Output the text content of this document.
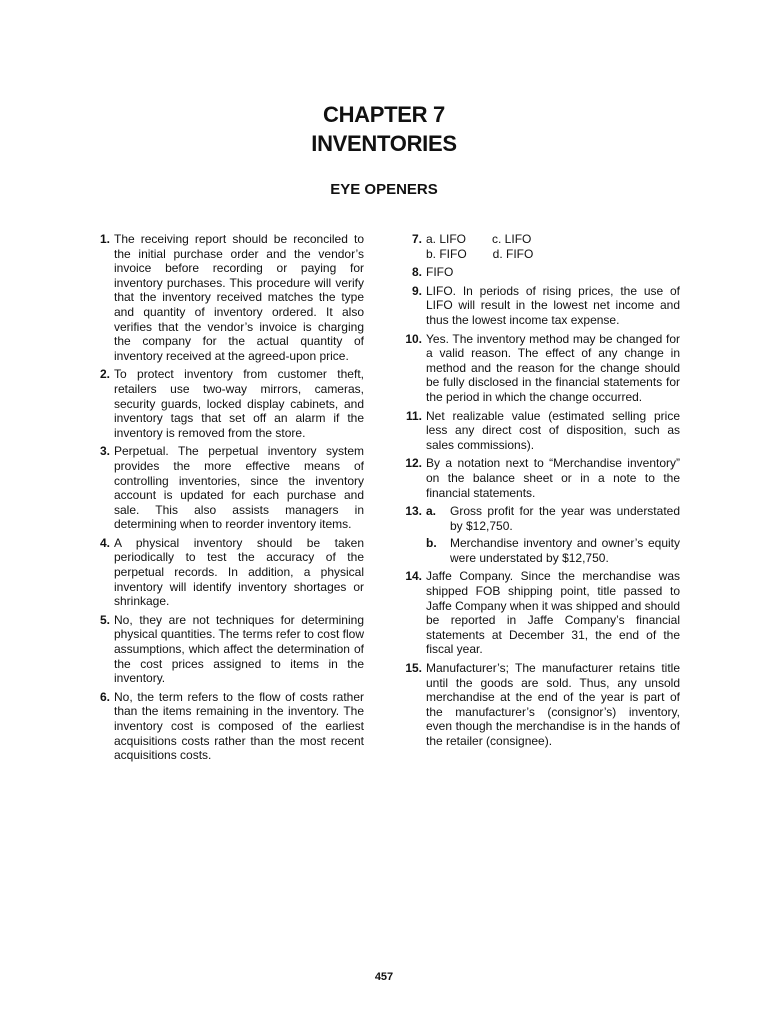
CHAPTER 7
INVENTORIES
EYE OPENERS
1. The receiving report should be reconciled to the initial purchase order and the vendor’s invoice before recording or paying for inventory purchases. This procedure will verify that the inventory received matches the type and quantity of inventory ordered. It also verifies that the vendor’s invoice is charging the company for the actual quantity of inventory received at the agreed-upon price.
2. To protect inventory from customer theft, retailers use two-way mirrors, cameras, security guards, locked display cabinets, and inventory tags that set off an alarm if the inventory is removed from the store.
3. Perpetual. The perpetual inventory system provides the more effective means of controlling inventories, since the inventory account is updated for each purchase and sale. This also assists managers in determining when to reorder inventory items.
4. A physical inventory should be taken periodically to test the accuracy of the perpetual records. In addition, a physical inventory will identify inventory shortages or shrinkage.
5. No, they are not techniques for determining physical quantities. The terms refer to cost flow assumptions, which affect the determination of the cost prices assigned to items in the inventory.
6. No, the term refers to the flow of costs rather than the items remaining in the inventory. The inventory cost is composed of the earliest acquisitions costs rather than the most recent acquisitions costs.
7. a. LIFO c. LIFO
b. FIFO d. FIFO
8. FIFO
9. LIFO. In periods of rising prices, the use of LIFO will result in the lowest net income and thus the lowest income tax expense.
10. Yes. The inventory method may be changed for a valid reason. The effect of any change in method and the reason for the change should be fully disclosed in the financial statements for the period in which the change occurred.
11. Net realizable value (estimated selling price less any direct cost of disposition, such as sales commissions).
12. By a notation next to “Merchandise inventory” on the balance sheet or in a note to the financial statements.
13. a. Gross profit for the year was understated by $12,750.
b. Merchandise inventory and owner’s equity were understated by $12,750.
14. Jaffe Company. Since the merchandise was shipped FOB shipping point, title passed to Jaffe Company when it was shipped and should be reported in Jaffe Company’s financial statements at December 31, the end of the fiscal year.
15. Manufacturer’s; The manufacturer retains title until the goods are sold. Thus, any unsold merchandise at the end of the year is part of the manufacturer’s (consignor’s) inventory, even though the merchandise is in the hands of the retailer (consignee).
457
